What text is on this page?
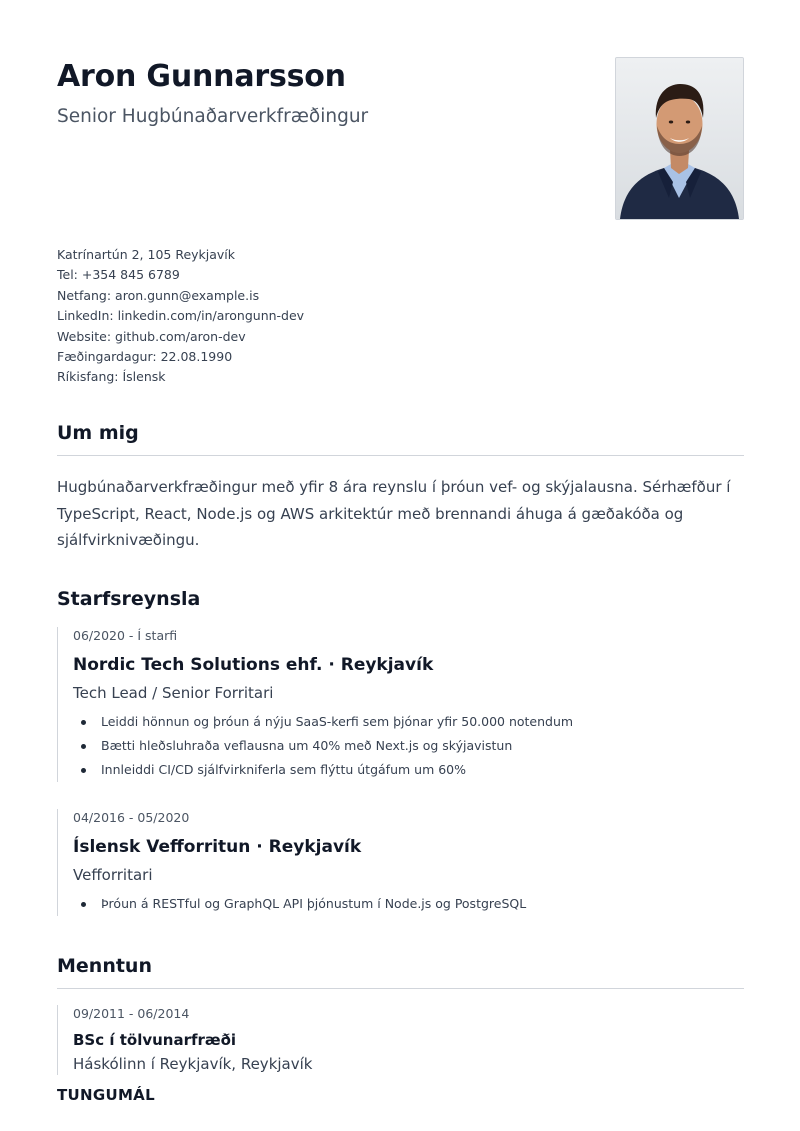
Aron Gunnarsson
Senior Hugbúnaðarverkfræðingur
Katrínartún 2, 105 Reykjavík
Tel: +354 845 6789
Netfang: aron.gunn@example.is
LinkedIn: linkedin.com/in/arongunn-dev
Website: github.com/aron-dev
Fæðingardagur: 22.08.1990
Ríkisfang: Íslensk
Um mig
Hugbúnaðarverkfræðingur með yfir 8 ára reynslu í þróun vef- og skýjalausna. Sérhæfður í TypeScript, React, Node.js og AWS arkitektúr með brennandi áhuga á gæðakóða og sjálfvirknivæðingu.
Starfsreynsla
06/2020 - Í starfi
Nordic Tech Solutions ehf. · Reykjavík
Tech Lead / Senior Forritari
Leiddi hönnun og þróun á nýju SaaS-kerfi sem þjónar yfir 50.000 notendum
Bætti hleðsluhraða veflausna um 40% með Next.js og skýjavistun
Innleiddi CI/CD sjálfvirkniferla sem flýttu útgáfum um 60%
04/2016 - 05/2020
Íslensk Vefforritun · Reykjavík
Vefforritari
Þróun á RESTful og GraphQL API þjónustum í Node.js og PostgreSQL
Menntun
09/2011 - 06/2014
BSc í tölvunarfræði
Háskólinn í Reykjavík, Reykjavík
TUNGUMÁL
